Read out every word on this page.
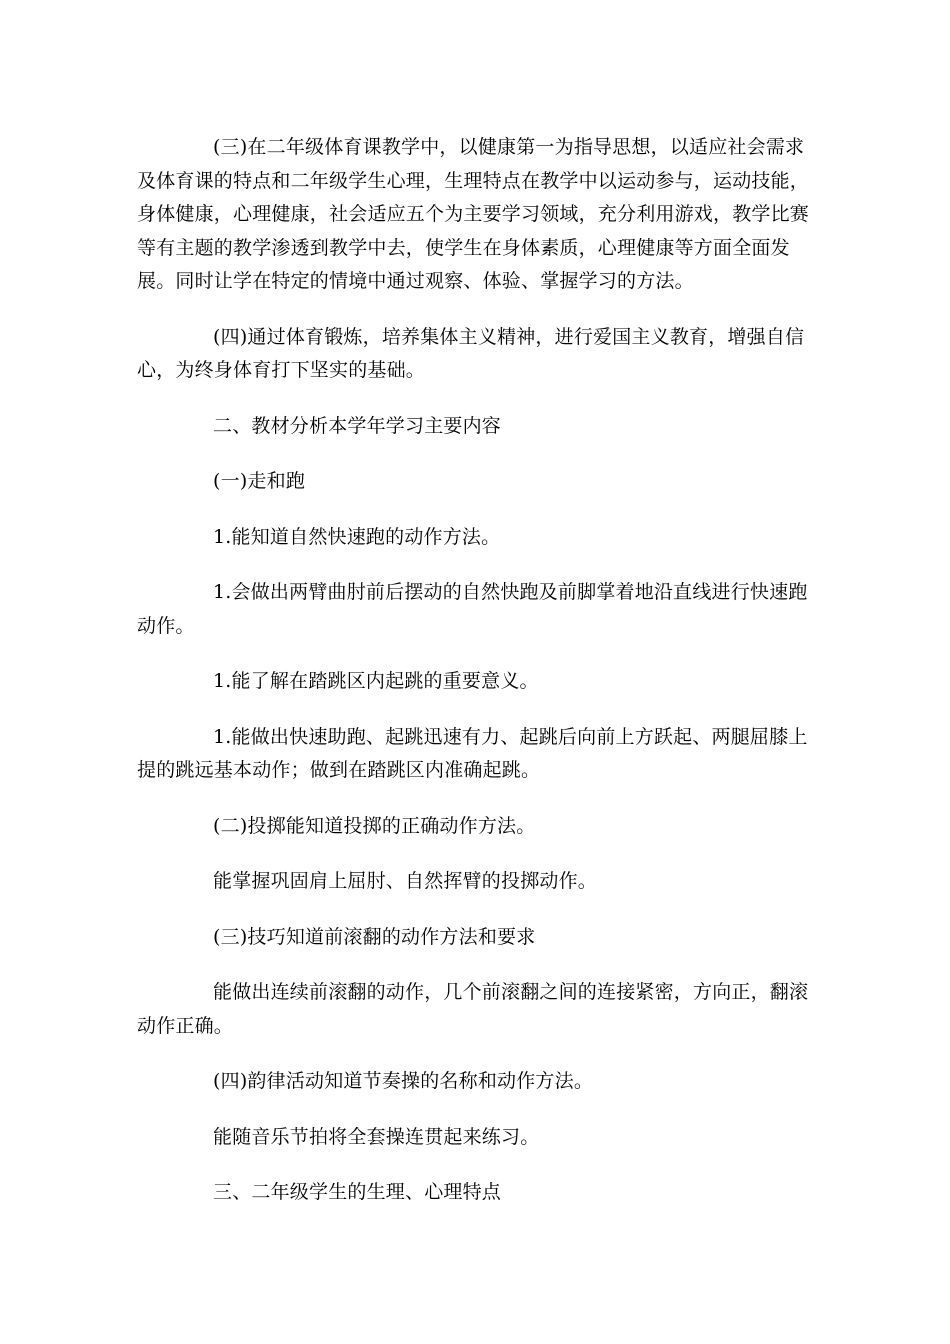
(三)在二年级体育课教学中，以健康第一为指导思想，以适应社会需求及体育课的特点和二年级学生心理，生理特点在教学中以运动参与，运动技能，身体健康，心理健康，社会适应五个为主要学习领域，充分利用游戏，教学比赛等有主题的教学渗透到教学中去，使学生在身体素质，心理健康等方面全面发展。同时让学在特定的情境中通过观察、体验、掌握学习的方法。

(四)通过体育锻炼，培养集体主义精神，进行爱国主义教育，增强自信心，为终身体育打下坚实的基础。

二、教材分析本学年学习主要内容

(一)走和跑

1.能知道自然快速跑的动作方法。

1.会做出两臂曲肘前后摆动的自然快跑及前脚掌着地沿直线进行快速跑动作。

1.能了解在踏跳区内起跳的重要意义。

1.能做出快速助跑、起跳迅速有力、起跳后向前上方跃起、两腿屈膝上提的跳远基本动作；做到在踏跳区内准确起跳。

(二)投掷能知道投掷的正确动作方法。

能掌握巩固肩上屈肘、自然挥臂的投掷动作。

(三)技巧知道前滚翻的动作方法和要求

能做出连续前滚翻的动作，几个前滚翻之间的连接紧密，方向正，翻滚动作正确。

(四)韵律活动知道节奏操的名称和动作方法。

能随音乐节拍将全套操连贯起来练习。

三、二年级学生的生理、心理特点
